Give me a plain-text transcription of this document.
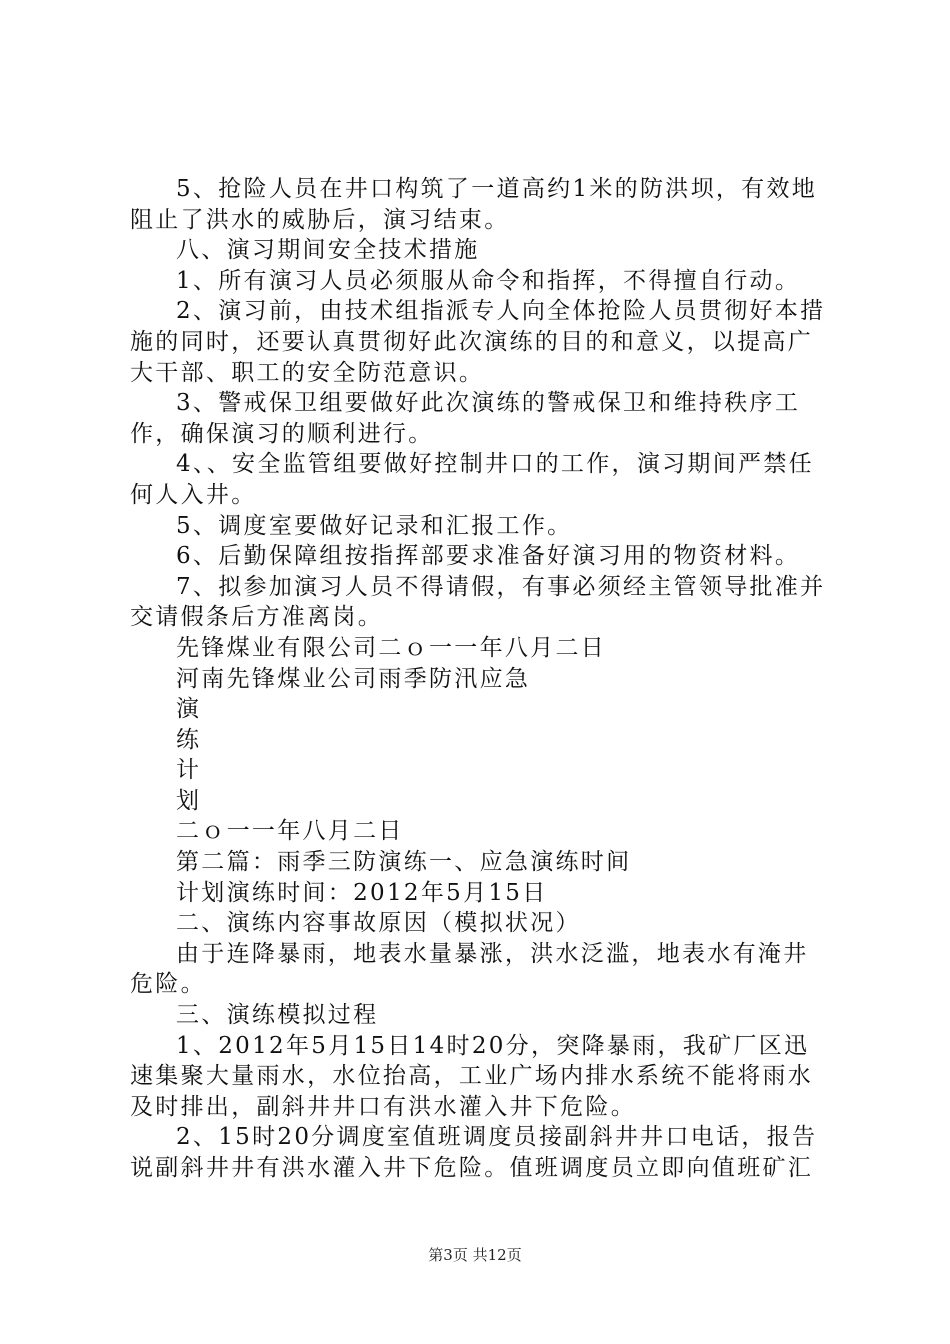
5、抢险人员在井口构筑了一道高约1米的防洪坝，有效地阻止了洪水的威胁后，演习结束。

八、演习期间安全技术措施

1、所有演习人员必须服从命令和指挥，不得擅自行动。

2、演习前，由技术组指派专人向全体抢险人员贯彻好本措施的同时，还要认真贯彻好此次演练的目的和意义，以提高广大干部、职工的安全防范意识。

3、警戒保卫组要做好此次演练的警戒保卫和维持秩序工作，确保演习的顺利进行。

4、、安全监管组要做好控制井口的工作，演习期间严禁任何人入井。

5、调度室要做好记录和汇报工作。

6、后勤保障组按指挥部要求准备好演习用的物资材料。

7、拟参加演习人员不得请假，有事必须经主管领导批准并交请假条后方准离岗。

先锋煤业有限公司二ｏ一一年八月二日

河南先锋煤业公司雨季防汛应急

演

练

计

划

二ｏ一一年八月二日

第二篇：雨季三防演练一、应急演练时间

计划演练时间：2012年5月15日

二、演练内容事故原因（模拟状况）

由于连降暴雨，地表水量暴涨，洪水泛滥，地表水有淹井危险。

三、演练模拟过程

1、2012年5月15日14时20分，突降暴雨，我矿厂区迅速集聚大量雨水，水位抬高，工业广场内排水系统不能将雨水及时排出，副斜井井口有洪水灌入井下危险。

2、15时20分调度室值班调度员接副斜井井口电话，报告说副斜井井有洪水灌入井下危险。值班调度员立即向值班矿汇

第3页 共12页
